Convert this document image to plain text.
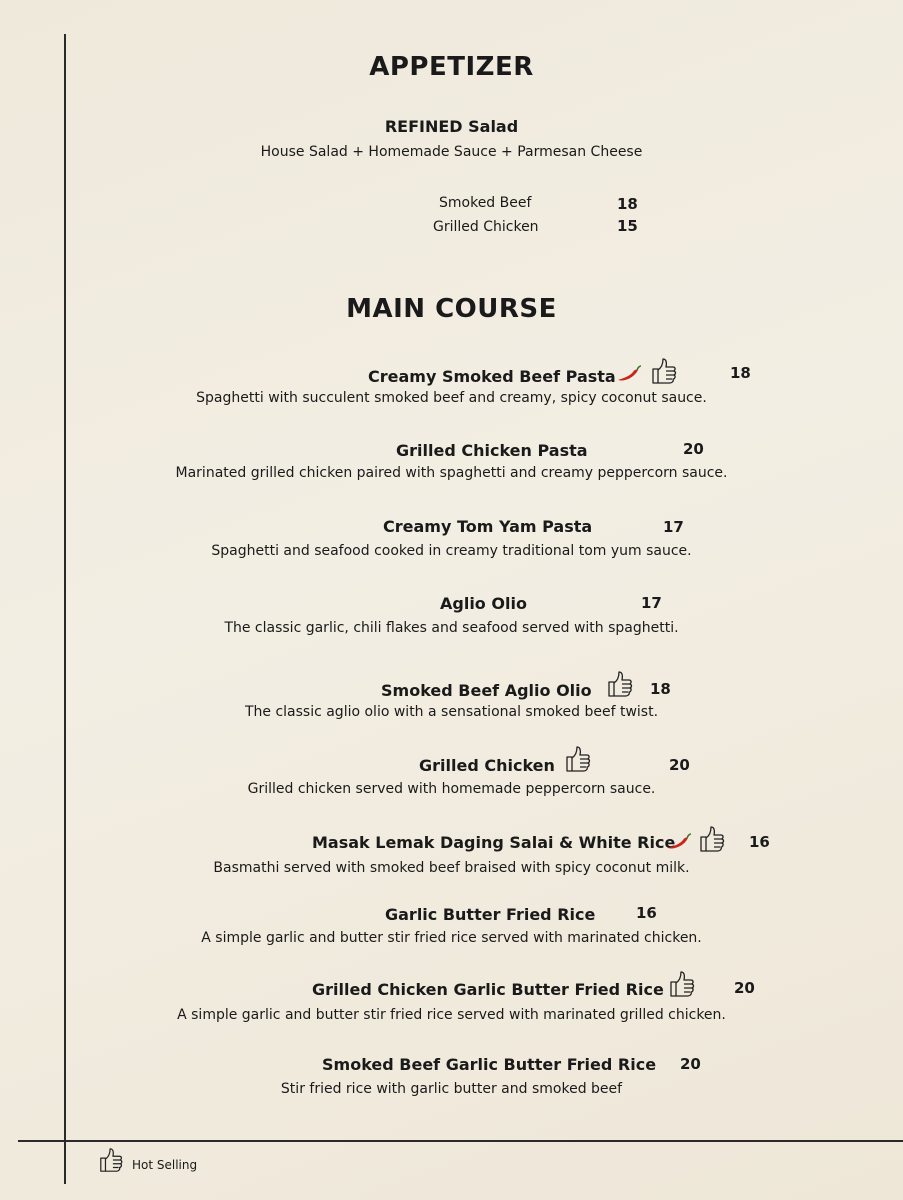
APPETIZER
REFINED Salad
House Salad + Homemade Sauce + Parmesan Cheese
Smoked Beef	18
Grilled Chicken	15
MAIN COURSE
Creamy Smoked Beef Pasta	18
Spaghetti with succulent smoked beef and creamy, spicy coconut sauce.
Grilled Chicken Pasta	20
Marinated grilled chicken paired with spaghetti and creamy peppercorn sauce.
Creamy Tom Yam Pasta	17
Spaghetti and seafood cooked in creamy traditional tom yum sauce.
Aglio Olio	17
The classic garlic, chili flakes and seafood served with spaghetti.
Smoked Beef Aglio Olio	18
The classic aglio olio with a sensational smoked beef twist.
Grilled Chicken	20
Grilled chicken served with homemade peppercorn sauce.
Masak Lemak Daging Salai & White Rice	16
Basmathi served with smoked beef braised with spicy coconut milk.
Garlic Butter Fried Rice	16
A simple garlic and butter stir fried rice served with marinated chicken.
Grilled Chicken Garlic Butter Fried Rice	20
A simple garlic and butter stir fried rice served with marinated grilled chicken.
Smoked Beef Garlic Butter Fried Rice 20
Stir fried rice with garlic butter and smoked beef
Hot Selling
